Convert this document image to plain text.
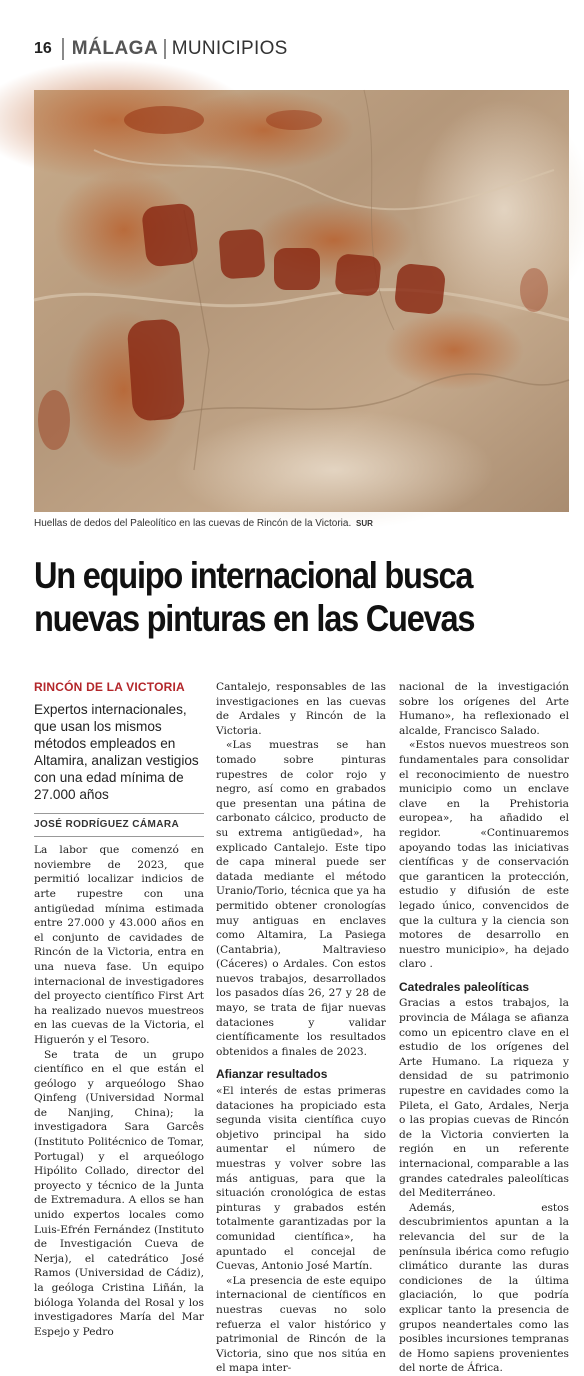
16 MÁLAGA MUNICIPIOS
Huellas de dedos del Paleolítico en las cuevas de Rincón de la Victoria. SUR
Un equipo internacional busca nuevas pinturas en las Cuevas
RINCÓN DE LA VICTORIA
Expertos internacionales, que usan los mismos métodos empleados en Altamira, analizan vestigios con una edad mínima de 27.000 años
JOSÉ RODRÍGUEZ CÁMARA

La labor que comenzó en noviembre de 2023, que permitió localizar indicios de arte rupestre con una antigüedad mínima estimada entre 27.000 y 43.000 años en el conjunto de cavidades de Rincón de la Victoria, entra en una nueva fase. Un equipo internacional de investigadores del proyecto científico First Art ha realizado nuevos muestreos en las cuevas de la Victoria, el Higuerón y el Tesoro.

Se trata de un grupo científico en el que están el geólogo y arqueólogo Shao Qinfeng (Universidad Normal de Nanjing, China); la investigadora Sara Garcês (Instituto Politécnico de Tomar, Portugal) y el arqueólogo Hipólito Collado, director del proyecto y técnico de la Junta de Extremadura. A ellos se han unido expertos locales como Luis-Efrén Fernández (Instituto de Investigación Cueva de Nerja), el catedrático José Ramos (Universidad de Cádiz), la geóloga Cristina Liñán, la bióloga Yolanda del Rosal y los investigadores María del Mar Espejo y Pedro

Cantalejo, responsables de las investigaciones en las cuevas de Ardales y Rincón de la Victoria.

«Las muestras se han tomado sobre pinturas rupestres de color rojo y negro, así como en grabados que presentan una pátina de carbonato cálcico, producto de su extrema antigüedad», ha explicado Cantalejo. Este tipo de capa mineral puede ser datada mediante el método Uranio/Torio, técnica que ya ha permitido obtener cronologías muy antiguas en enclaves como Altamira, La Pasiega (Cantabria), Maltravieso (Cáceres) o Ardales. Con estos nuevos trabajos, desarrollados los pasados días 26, 27 y 28 de mayo, se trata de fijar nuevas dataciones y validar científicamente los resultados obtenidos a finales de 2023.

Afianzar resultados

«El interés de estas primeras dataciones ha propiciado esta segunda visita científica cuyo objetivo principal ha sido aumentar el número de muestras y volver sobre las más antiguas, para que la situación cronológica de estas pinturas y grabados estén totalmente garantizadas por la comunidad científica», ha apuntado el concejal de Cuevas, Antonio José Martín.

«La presencia de este equipo internacional de científicos en nuestras cuevas no solo refuerza el valor histórico y patrimonial de Rincón de la Victoria, sino que nos sitúa en el mapa inter-

nacional de la investigación sobre los orígenes del Arte Humano», ha reflexionado el alcalde, Francisco Salado.

«Estos nuevos muestreos son fundamentales para consolidar el reconocimiento de nuestro municipio como un enclave clave en la Prehistoria europea», ha añadido el regidor. «Continuaremos apoyando todas las iniciativas científicas y de conservación que garanticen la protección, estudio y difusión de este legado único, convencidos de que la cultura y la ciencia son motores de desarrollo en nuestro municipio», ha dejado claro .

Catedrales paleolíticas

Gracias a estos trabajos, la provincia de Málaga se afianza como un epicentro clave en el estudio de los orígenes del Arte Humano. La riqueza y densidad de su patrimonio rupestre en cavidades como la Pileta, el Gato, Ardales, Nerja o las propias cuevas de Rincón de la Victoria convierten la región en un referente internacional, comparable a las grandes catedrales paleolíticas del Mediterráneo.

Además, estos descubrimientos apuntan a la relevancia del sur de la península ibérica como refugio climático durante las duras condiciones de la última glaciación, lo que podría explicar tanto la presencia de grupos neandertales como las posibles incursiones tempranas de Homo sapiens provenientes del norte de África.
